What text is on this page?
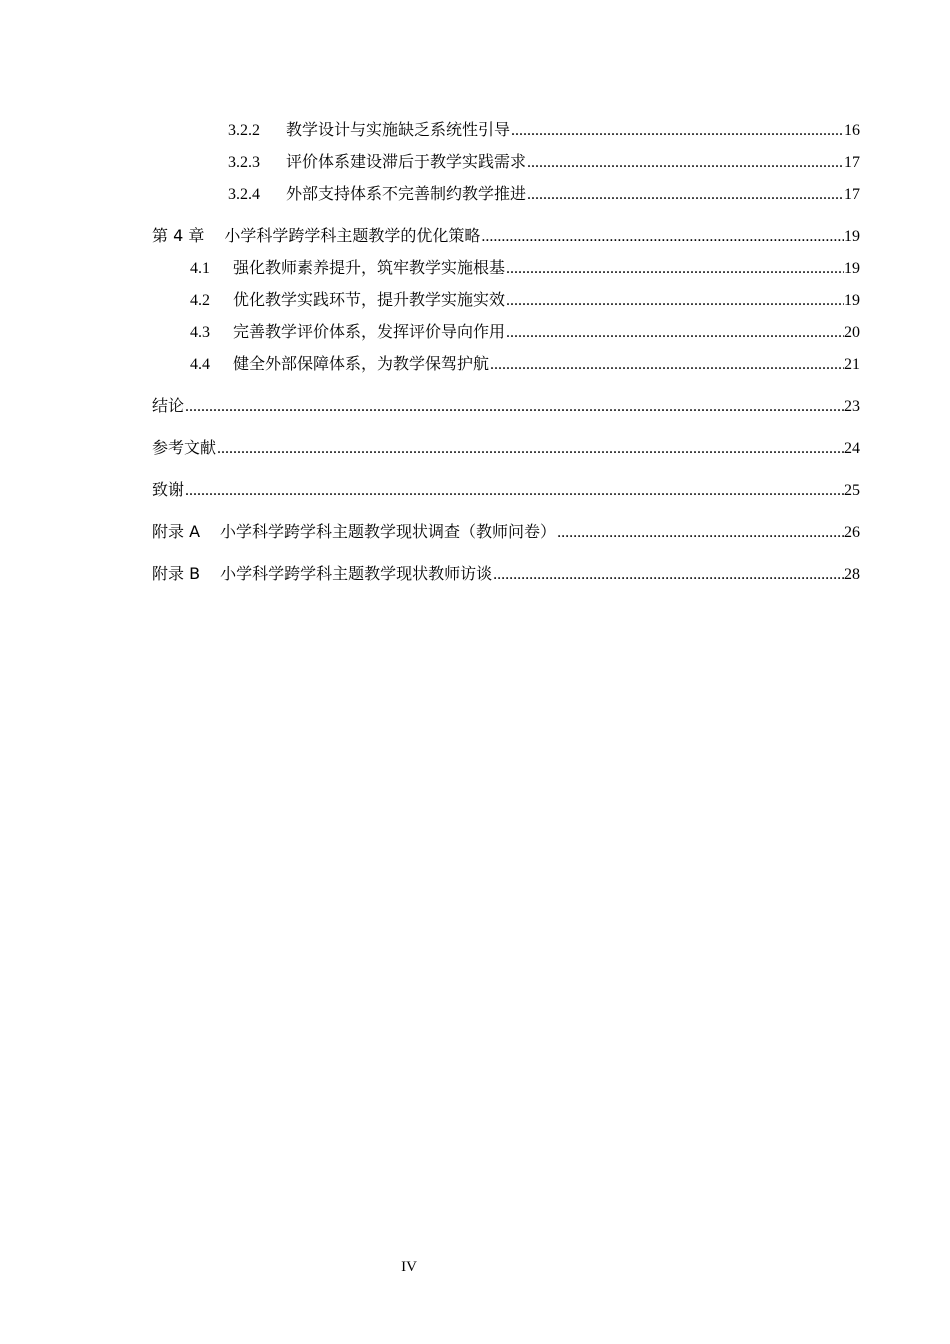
3.2.2	教学设计与实施缺乏系统性引导 .....	16
3.2.3	评价体系建设滞后于教学实践需求 .....	17
3.2.4	外部支持体系不完善制约教学推进 .....	17
第 4 章 小学科学跨学科主题教学的优化策略 .....	19
4.1	强化教师素养提升，筑牢教学实施根基 .....	19
4.2	优化教学实践环节，提升教学实施实效 .....	19
4.3	完善教学评价体系，发挥评价导向作用 .....	20
4.4	健全外部保障体系，为教学保驾护航 .....	21
结论 .....	23
参考文献 .....	24
致谢 .....	25
附录 A 小学科学跨学科主题教学现状调查（教师问卷） .....	26
附录 B 小学科学跨学科主题教学现状教师访谈 .....	28
IV
